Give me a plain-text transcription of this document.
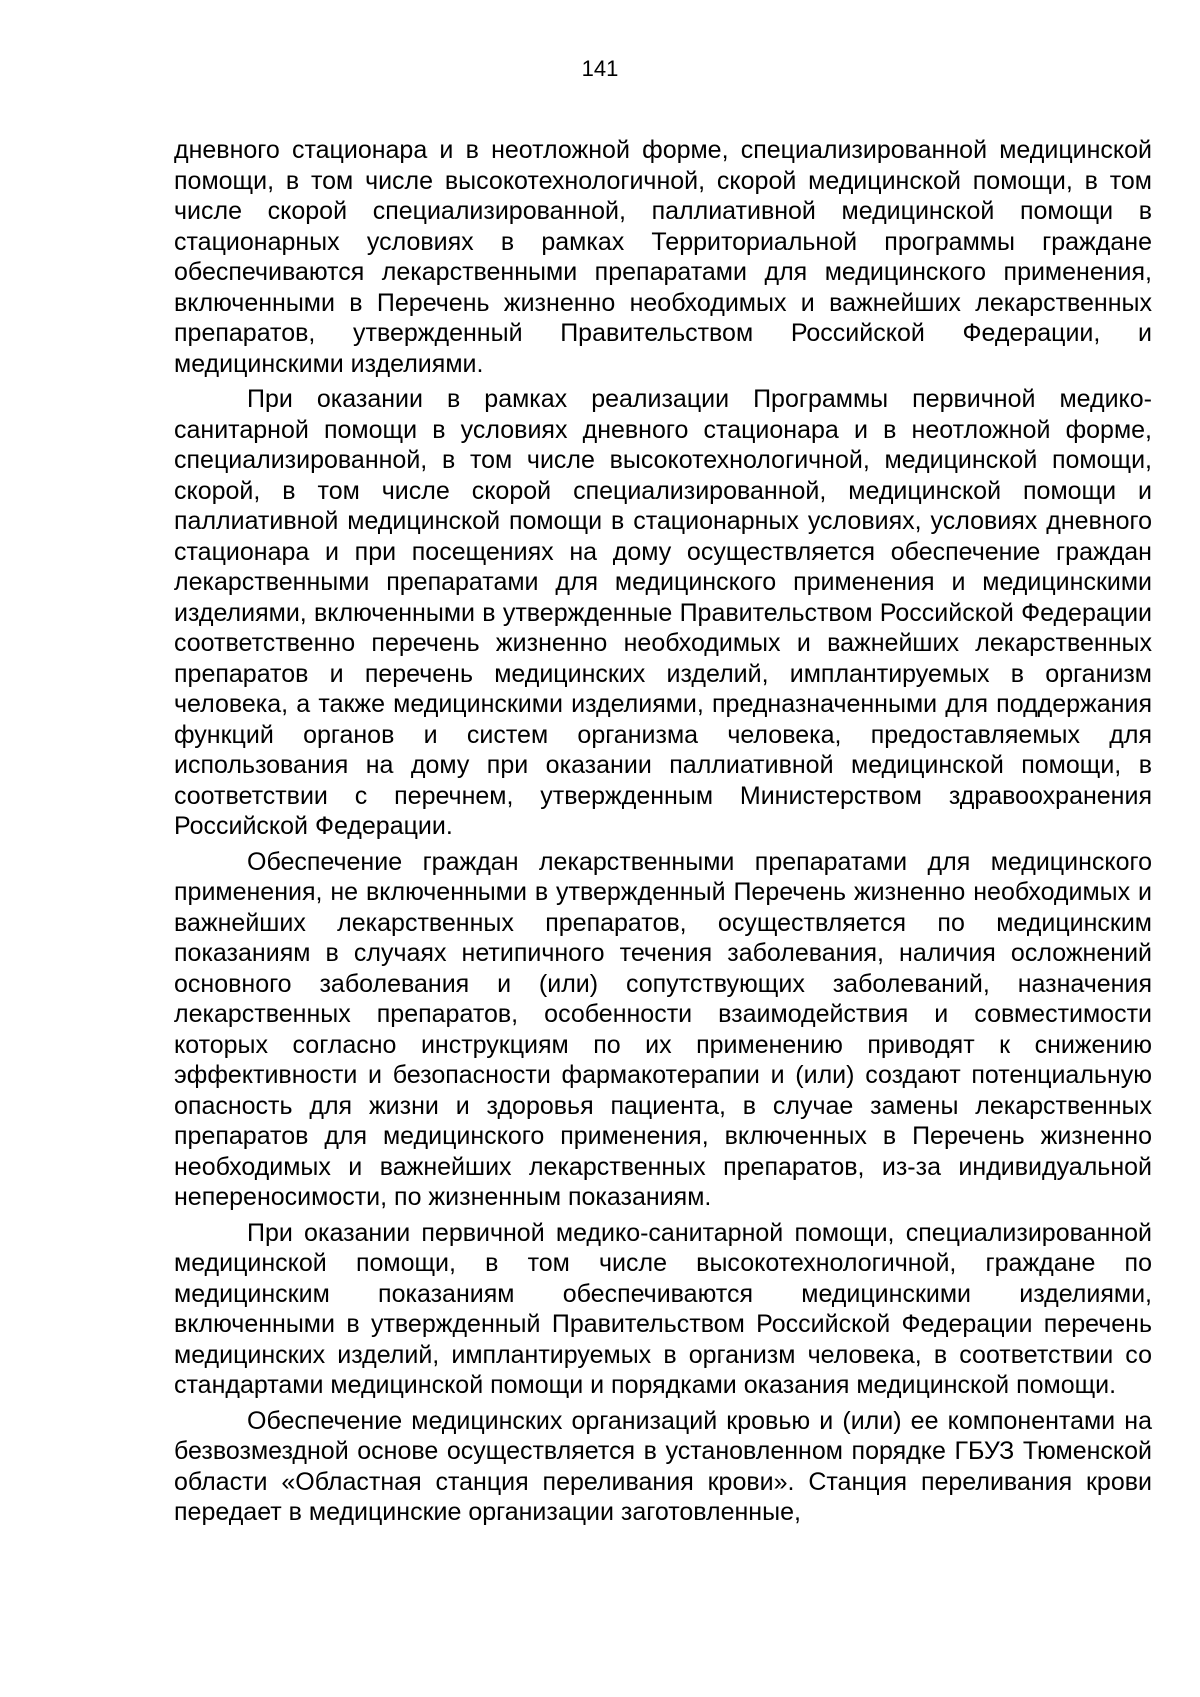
141

дневного стационара и в неотложной форме, специализированной медицинской помощи, в том числе высокотехнологичной, скорой медицинской помощи, в том числе скорой специализированной, паллиативной медицинской помощи в стационарных условиях в рамках Территориальной программы граждане обеспечиваются лекарственными препаратами для медицинского применения, включенными в Перечень жизненно необходимых и важнейших лекарственных препаратов, утвержденный Правительством Российской Федерации, и медицинскими изделиями.

При оказании в рамках реализации Программы первичной медико-санитарной помощи в условиях дневного стационара и в неотложной форме, специализированной, в том числе высокотехнологичной, медицинской помощи, скорой, в том числе скорой специализированной, медицинской помощи и паллиативной медицинской помощи в стационарных условиях, условиях дневного стационара и при посещениях на дому осуществляется обеспечение граждан лекарственными препаратами для медицинского применения и медицинскими изделиями, включенными в утвержденные Правительством Российской Федерации соответственно перечень жизненно необходимых и важнейших лекарственных препаратов и перечень медицинских изделий, имплантируемых в организм человека, а также медицинскими изделиями, предназначенными для поддержания функций органов и систем организма человека, предоставляемых для использования на дому при оказании паллиативной медицинской помощи, в соответствии с перечнем, утвержденным Министерством здравоохранения Российской Федерации.

Обеспечение граждан лекарственными препаратами для медицинского применения, не включенными в утвержденный Перечень жизненно необходимых и важнейших лекарственных препаратов, осуществляется по медицинским показаниям в случаях нетипичного течения заболевания, наличия осложнений основного заболевания и (или) сопутствующих заболеваний, назначения лекарственных препаратов, особенности взаимодействия и совместимости которых согласно инструкциям по их применению приводят к снижению эффективности и безопасности фармакотерапии и (или) создают потенциальную опасность для жизни и здоровья пациента, в случае замены лекарственных препаратов для медицинского применения, включенных в Перечень жизненно необходимых и важнейших лекарственных препаратов, из-за индивидуальной непереносимости, по жизненным показаниям.

При оказании первичной медико-санитарной помощи, специализированной медицинской помощи, в том числе высокотехнологичной, граждане по медицинским показаниям обеспечиваются медицинскими изделиями, включенными в утвержденный Правительством Российской Федерации перечень медицинских изделий, имплантируемых в организм человека, в соответствии со стандартами медицинской помощи и порядками оказания медицинской помощи.

Обеспечение медицинских организаций кровью и (или) ее компонентами на безвозмездной основе осуществляется в установленном порядке ГБУЗ Тюменской области «Областная станция переливания крови». Станция переливания крови передает в медицинские организации заготовленные,
